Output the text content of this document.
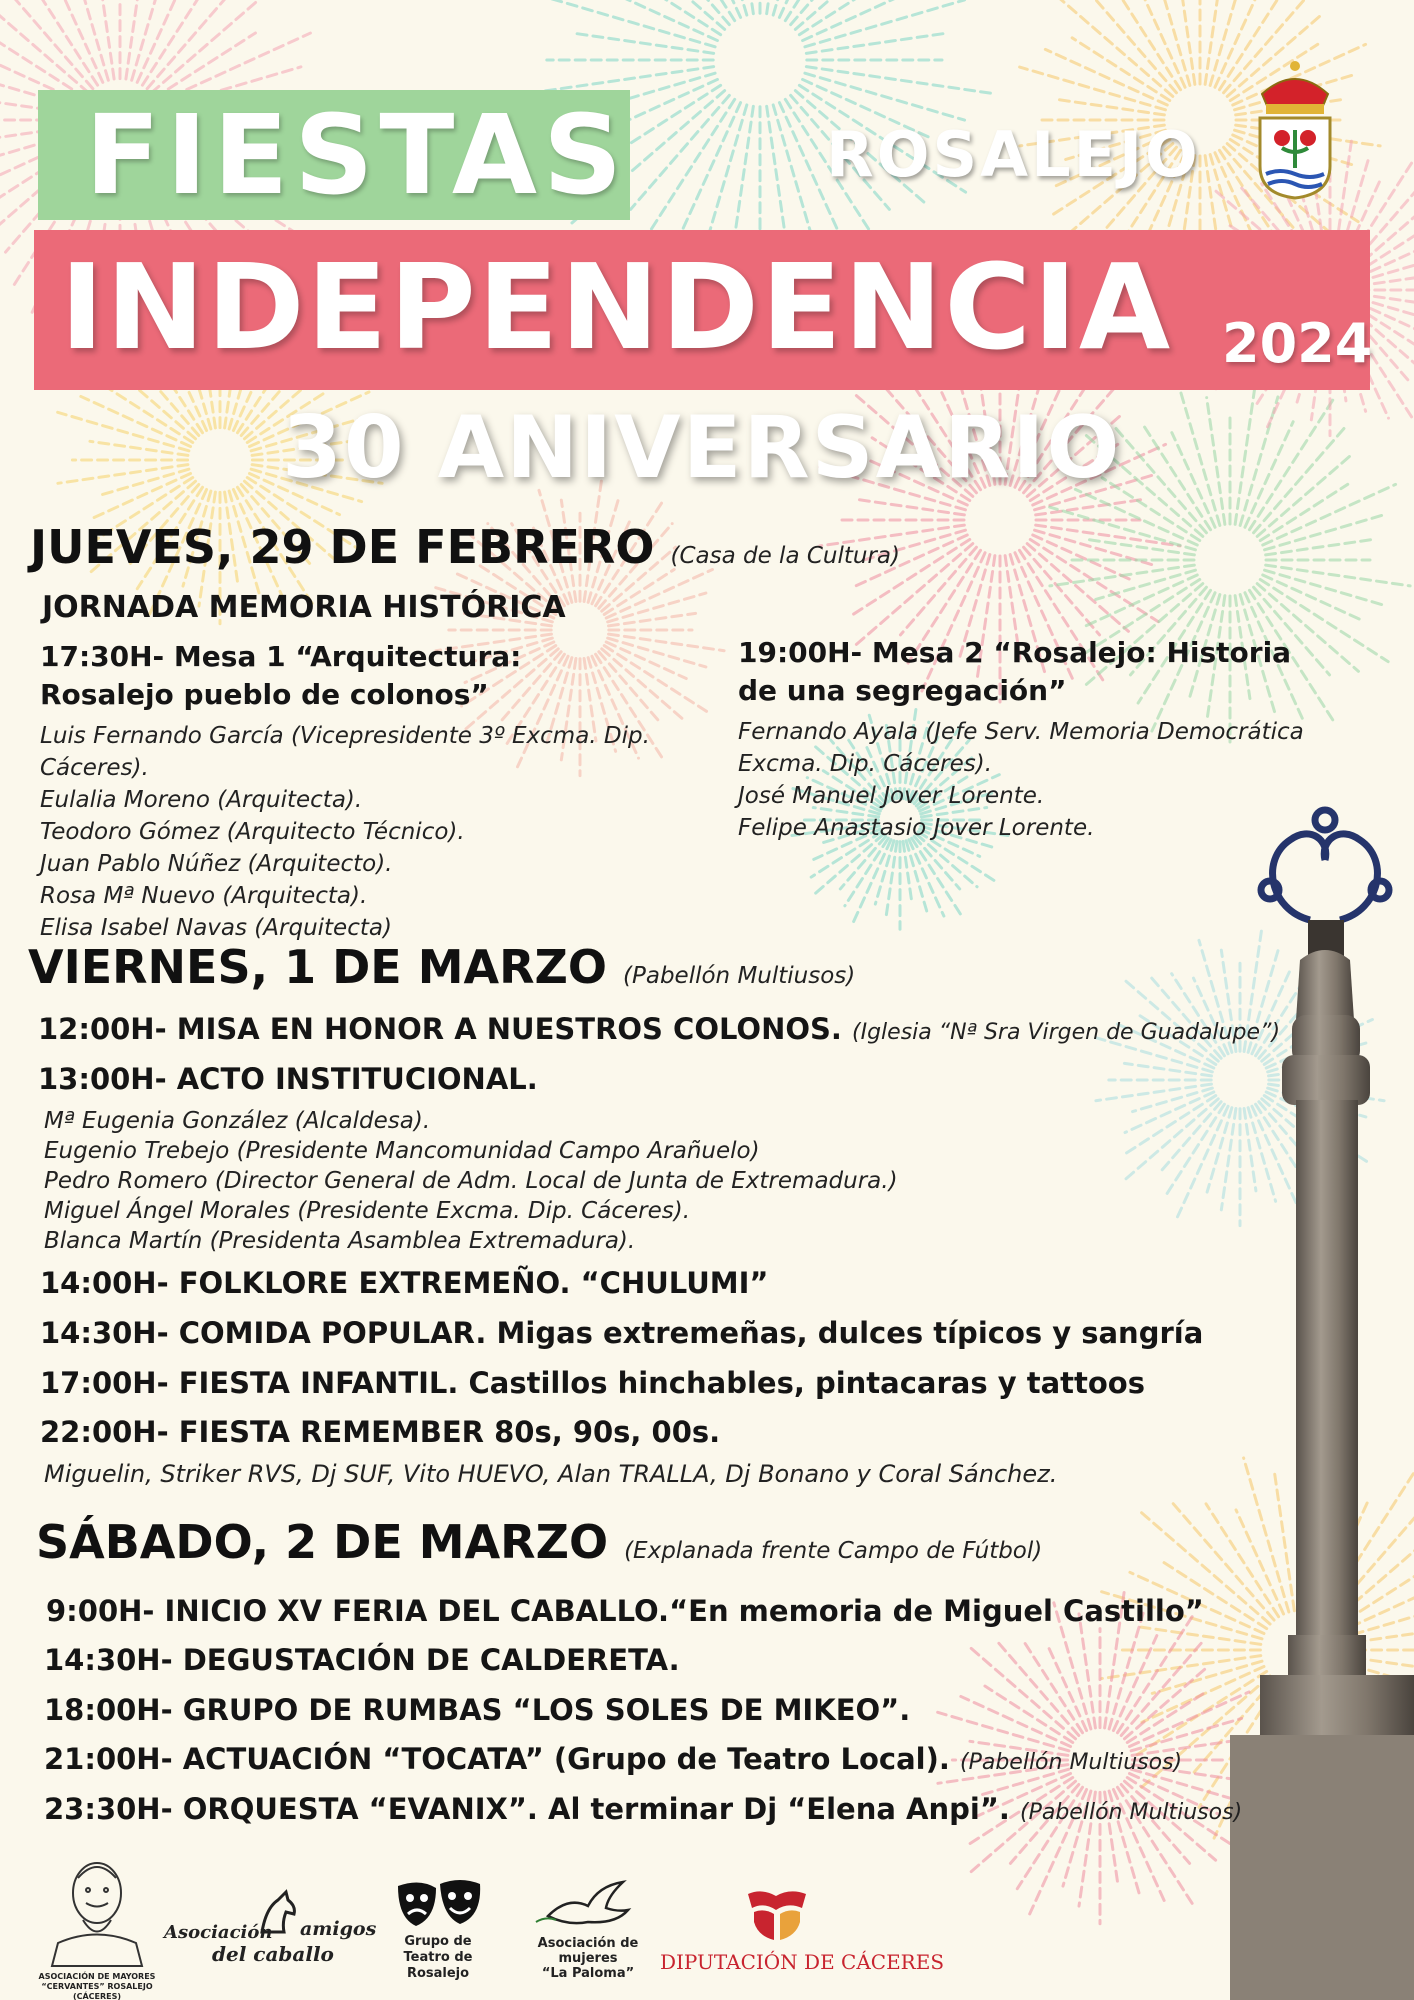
FIESTAS	ROSALEJO
INDEPENDENCIA 2024
30 ANIVERSARIO
JUEVES, 29 DE FEBRERO (Casa de la Cultura)
JORNADA MEMORIA HISTÓRICA
17:30H- Mesa 1 “Arquitectura:
Rosalejo pueblo de colonos”
Luis Fernando García (Vicepresidente 3º Excma. Dip.
Cáceres).
Eulalia Moreno (Arquitecta).
Teodoro Gómez (Arquitecto Técnico).
Juan Pablo Núñez (Arquitecto).
Rosa Mª Nuevo (Arquitecta).
Elisa Isabel Navas (Arquitecta)
19:00H- Mesa 2 “Rosalejo: Historia
de una segregación”
Fernando Ayala (Jefe Serv. Memoria Democrática
Excma. Dip. Cáceres).
José Manuel Jover Lorente.
Felipe Anastasio Jover Lorente.
VIERNES, 1 DE MARZO (Pabellón Multiusos)
12:00H- MISA EN HONOR A NUESTROS COLONOS. (Iglesia “Nª Sra Virgen de Guadalupe”)
13:00H- ACTO INSTITUCIONAL.
Mª Eugenia González (Alcaldesa).
Eugenio Trebejo (Presidente Mancomunidad Campo Arañuelo)
Pedro Romero (Director General de Adm. Local de Junta de Extremadura.)
Miguel Ángel Morales (Presidente Excma. Dip. Cáceres).
Blanca Martín (Presidenta Asamblea Extremadura).
14:00H- FOLKLORE EXTREMEÑO. “CHULUMI”
14:30H- COMIDA POPULAR. Migas extremeñas, dulces típicos y sangría
17:00H- FIESTA INFANTIL. Castillos hinchables, pintacaras y tattoos
22:00H- FIESTA REMEMBER 80s, 90s, 00s.
Miguelin, Striker RVS, Dj SUF, Vito HUEVO, Alan TRALLA, Dj Bonano y Coral Sánchez.
SÁBADO, 2 DE MARZO (Explanada frente Campo de Fútbol)
9:00H- INICIO XV FERIA DEL CABALLO.“En memoria de Miguel Castillo”
14:30H- DEGUSTACIÓN DE CALDERETA.
18:00H- GRUPO DE RUMBAS “LOS SOLES DE MIKEO”.
21:00H- ACTUACIÓN “TOCATA” (Grupo de Teatro Local). (Pabellón Multiusos)
23:30H- ORQUESTA “EVANIX”. Al terminar Dj “Elena Anpi”. (Pabellón Multiusos)
ASOCIACIÓN DE MAYORES “CERVANTES” ROSALEJO (CÁCERES)
Asociación amigos
del caballo
Grupo de Teatro de Rosalejo
Asociación de mujeres
“La Paloma”	DIPUTACIÓN DE CÁCERES
